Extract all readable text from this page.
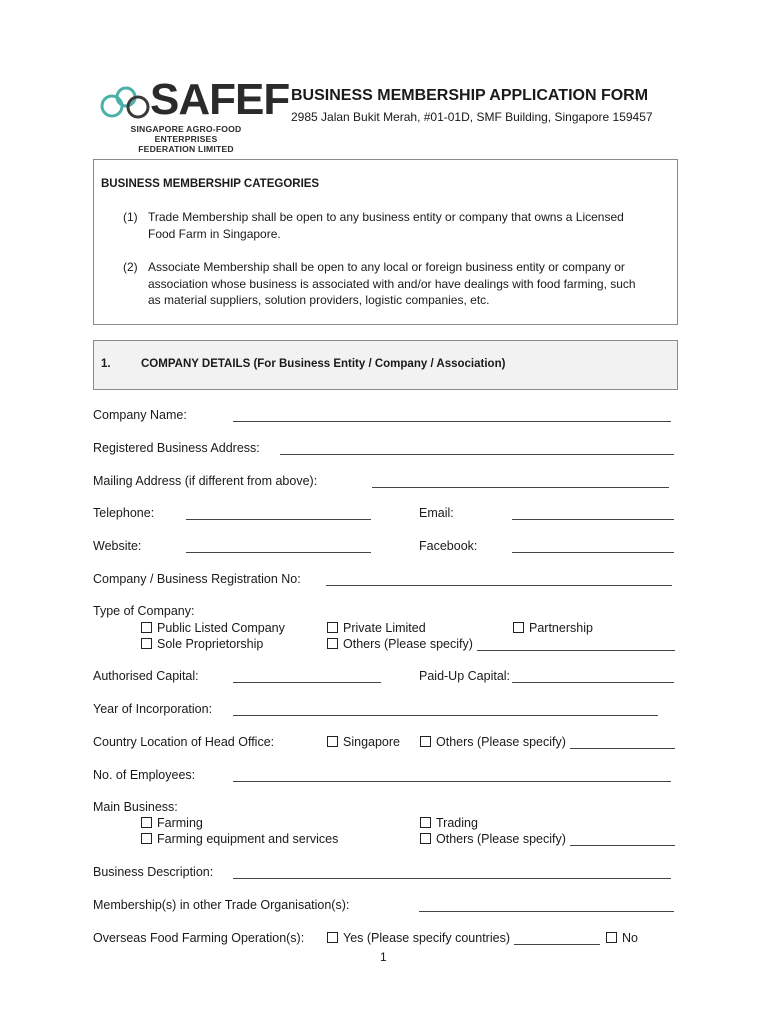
SAFEF
SINGAPORE AGRO-FOOD ENTERPRISES
FEDERATION LIMITED
BUSINESS MEMBERSHIP APPLICATION FORM
2985 Jalan Bukit Merah, #01-01D, SMF Building, Singapore 159457
BUSINESS MEMBERSHIP CATEGORIES
(1) Trade Membership shall be open to any business entity or company that owns a Licensed
Food Farm in Singapore.
(2) Associate Membership shall be open to any local or foreign business entity or company or
association whose business is associated with and/or have dealings with food farming, such
as material suppliers, solution providers, logistic companies, etc.
1.	COMPANY DETAILS (For Business Entity / Company / Association)
Company Name:
Registered Business Address:
Mailing Address (if different from above):
Telephone:	Email:
Website:	Facebook:
Company / Business Registration No:
Type of Company:
Public Listed Company	Private Limited	Partnership
Sole Proprietorship	Others (Please specify)
Authorised Capital:	Paid-Up Capital:
Year of Incorporation:
Country Location of Head Office:	Singapore	Others (Please specify)
No. of Employees:
Main Business:
Farming	Trading
Farming equipment and services	Others (Please specify)
Business Description:
Membership(s) in other Trade Organisation(s):
Overseas Food Farming Operation(s):	Yes (Please specify countries)	No
1
